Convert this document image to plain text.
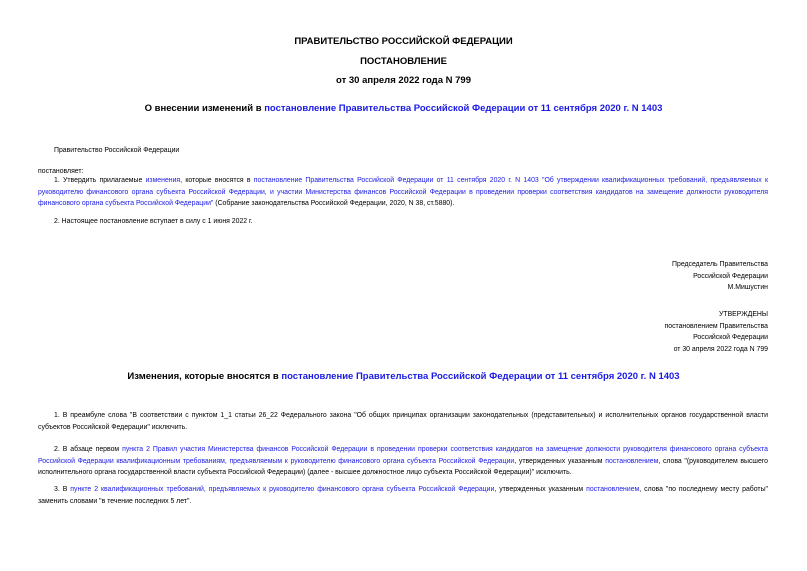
ПРАВИТЕЛЬСТВО РОССИЙСКОЙ ФЕДЕРАЦИИ
ПОСТАНОВЛЕНИЕ
от 30 апреля 2022 года N 799
О внесении изменений в постановление Правительства Российской Федерации от 11 сентября 2020 г. N 1403
Правительство Российской Федерации
постановляет:
1. Утвердить прилагаемые изменения, которые вносятся в постановление Правительства Российской Федерации от 11 сентября 2020 г. N 1403 "Об утверждении квалификационных требований, предъявляемых к руководителю финансового органа субъекта Российской Федерации, и участии Министерства финансов Российской Федерации в проведении проверки соответствия кандидатов на замещение должности руководителя финансового органа субъекта Российской Федерации" (Собрание законодательства Российской Федерации, 2020, N 38, ст.5880).
2. Настоящее постановление вступает в силу с 1 июня 2022 г.
Председатель Правительства
Российской Федерации
М.Мишустин
УТВЕРЖДЕНЫ
постановлением Правительства
Российской Федерации
от 30 апреля 2022 года N 799
Изменения, которые вносятся в постановление Правительства Российской Федерации от 11 сентября 2020 г. N 1403
1. В преамбуле слова "В соответствии с пунктом 1_1 статьи 26_22 Федерального закона "Об общих принципах организации законодательных (представительных) и исполнительных органов государственной власти субъектов Российской Федерации" исключить.
2. В абзаце первом пункта 2 Правил участия Министерства финансов Российской Федерации в проведении проверки соответствия кандидатов на замещение должности руководителя финансового органа субъекта Российской Федерации квалификационным требованиям, предъявляемым к руководителю финансового органа субъекта Российской Федерации, утвержденных указанным постановлением, слова "(руководителем высшего исполнительного органа государственной власти субъекта Российской Федерации) (далее - высшее должностное лицо субъекта Российской Федерации)" исключить.
3. В пункте 2 квалификационных требований, предъявляемых к руководителю финансового органа субъекта Российской Федерации, утвержденных указанным постановлением, слова "по последнему месту работы" заменить словами "в течение последних 5 лет".
